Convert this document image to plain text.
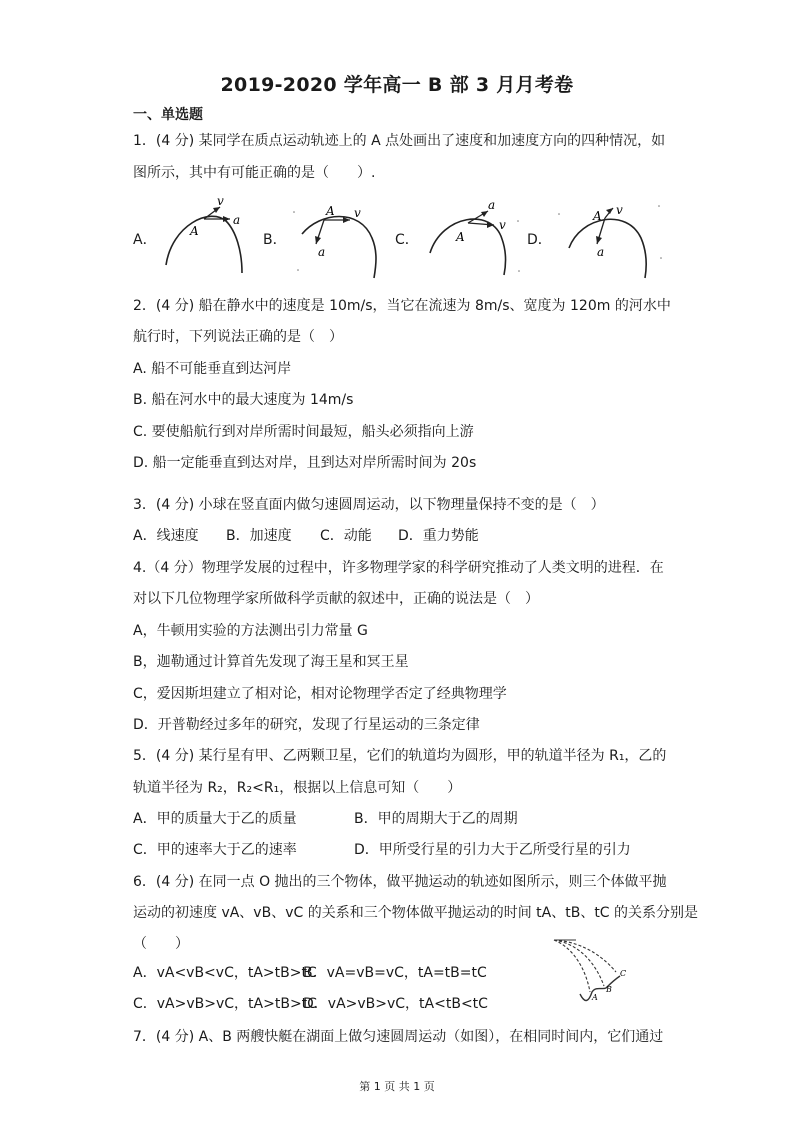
2019-2020 学年高一 B 部 3 月月考卷
一、单选题
1．(4 分) 某同学在质点运动轨迹上的 A 点处画出了速度和加速度方向的四种情况，如
图所示，其中有可能正确的是（　　）.
A．
v
a
A
B．
A v
a
C．
a
v
A	D．
A v
a
2．(4 分) 船在静水中的速度是 10m/s，当它在流速为 8m/s、宽度为 120m 的河水中
航行时，下列说法正确的是（　）
A. 船不可能垂直到达河岸
B. 船在河水中的最大速度为 14m/s
C. 要使船航行到对岸所需时间最短，船头必须指向上游
D. 船一定能垂直到达对岸，且到达对岸所需时间为 20s
3．(4 分) 小球在竖直面内做匀速圆周运动，以下物理量保持不变的是（　）
A．线速度 B．加速度 C．动能 D．重力势能
4.（4 分）物理学发展的过程中，许多物理学家的科学研究推动了人类文明的进程．在
对以下几位物理学家所做科学贡献的叙述中，正确的说法是（　）
A，牛顿用实验的方法测出引力常量 G
B，迦勒通过计算首先发现了海王星和冥王星
C，爱因斯坦建立了相对论，相对论物理学否定了经典物理学
D．开普勒经过多年的研究，发现了行星运动的三条定律
5．(4 分) 某行星有甲、乙两颗卫星，它们的轨道均为圆形，甲的轨道半径为 R₁，乙的
轨道半径为 R₂，R₂<R₁，根据以上信息可知（　　）
A．甲的质量大于乙的质量	B．甲的周期大于乙的周期
C．甲的速率大于乙的速率	D．甲所受行星的引力大于乙所受行星的引力
6．(4 分) 在同一点 O 抛出的三个物体，做平抛运动的轨迹如图所示，则三个体做平抛
运动的初速度 vA、vB、vC 的关系和三个物体做平抛运动的时间 tA、tB、tC 的关系分别是
（　　）
A．vA<vB<vC，tA>tB>tC
B．vA=vB=vC，tA=tB=tC
C．vA>vB>vC，tA>tB>tC
D．vA>vB>vC，tA<tB<tC	A
B
C
7．(4 分) A、B 两艘快艇在湖面上做匀速圆周运动（如图），在相同时间内，它们通过
第 1 页 共 1 页
